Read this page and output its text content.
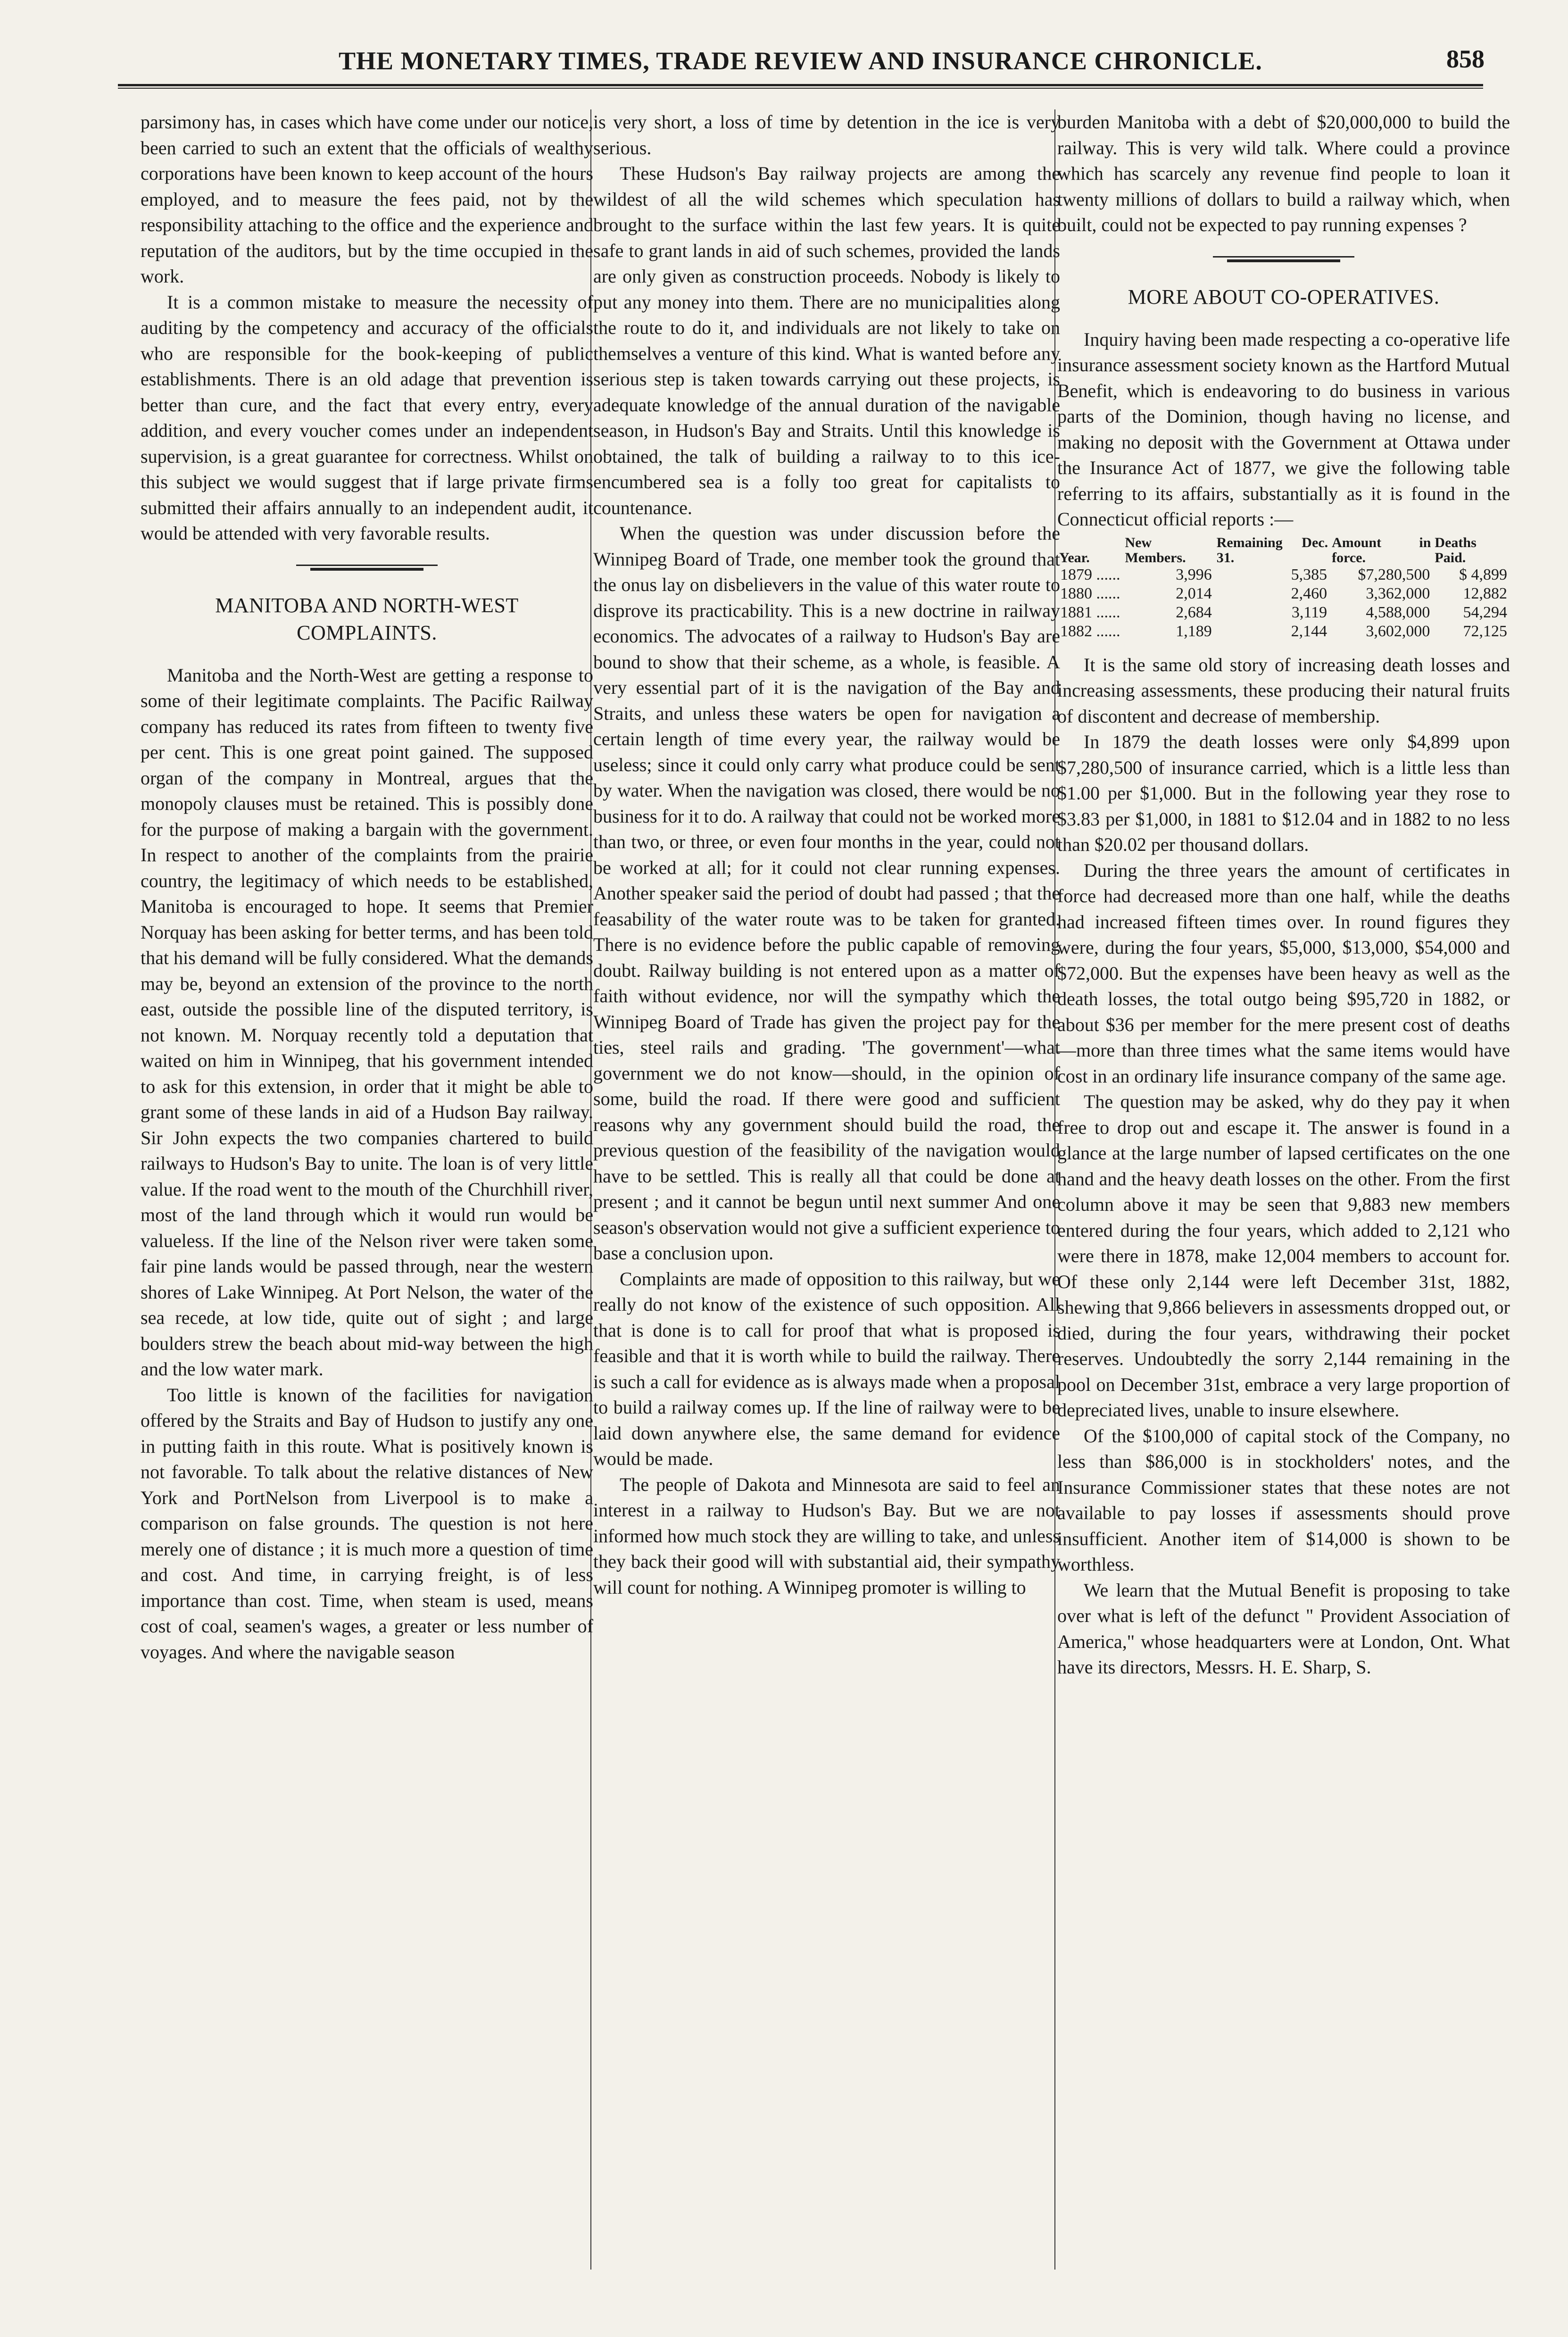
THE MONETARY TIMES, TRADE REVIEW AND INSURANCE CHRONICLE.	858

parsimony has, in cases which have come under our notice, been carried to such an extent that the officials of wealthy corporations have been known to keep account of the hours employed, and to measure the fees paid, not by the responsibility attaching to the office and the experience and reputation of the auditors, but by the time occupied in the work.

It is a common mistake to measure the necessity of auditing by the competency and accuracy of the officials who are responsible for the book-keeping of public establishments. There is an old adage that prevention is better than cure, and the fact that every entry, every addition, and every voucher comes under an independent supervision, is a great guarantee for correctness. Whilst on this subject we would suggest that if large private firms submitted their affairs annually to an independent audit, it would be attended with very favorable results.

MANITOBA AND NORTH-WEST
COMPLAINTS.

Manitoba and the North-West are getting a response to some of their legitimate complaints. The Pacific Railway company has reduced its rates from fifteen to twenty five per cent. This is one great point gained. The supposed organ of the company in Montreal, argues that the monopoly clauses must be retained. This is possibly done for the purpose of making a bargain with the government. In respect to another of the complaints from the prairie country, the legitimacy of which needs to be established, Manitoba is encouraged to hope. It seems that Premier Norquay has been asking for better terms, and has been told that his demand will be fully considered. What the demands may be, beyond an extension of the province to the north east, outside the possible line of the disputed territory, is not known. M. Norquay recently told a deputation that waited on him in Winnipeg, that his government intended to ask for this extension, in order that it might be able to grant some of these lands in aid of a Hudson Bay railway. Sir John expects the two companies chartered to build railways to Hudson's Bay to unite. The loan is of very little value. If the road went to the mouth of the Churchhill river, most of the land through which it would run would be valueless. If the line of the Nelson river were taken some fair pine lands would be passed through, near the western shores of Lake Winnipeg. At Port Nelson, the water of the sea recede, at low tide, quite out of sight ; and large boulders strew the beach about mid-way between the high and the low water mark.

Too little is known of the facilities for navigation offered by the Straits and Bay of Hudson to justify any one in putting faith in this route. What is positively known is not favorable. To talk about the relative distances of New York and PortNelson from Liverpool is to make a comparison on false grounds. The question is not here merely one of distance ; it is much more a question of time and cost. And time, in carrying freight, is of less importance than cost. Time, when steam is used, means cost of coal, seamen's wages, a greater or less number of voyages. And where the navigable season

is very short, a loss of time by detention in the ice is very serious.

These Hudson's Bay railway projects are among the wildest of all the wild schemes which speculation has brought to the surface within the last few years. It is quite safe to grant lands in aid of such schemes, provided the lands are only given as construction proceeds. Nobody is likely to put any money into them. There are no municipalities along the route to do it, and individuals are not likely to take on themselves a venture of this kind. What is wanted before any serious step is taken towards carrying out these projects, is adequate knowledge of the annual duration of the navigable season, in Hudson's Bay and Straits. Until this knowledge is obtained, the talk of building a railway to to this ice-encumbered sea is a folly too great for capitalists to countenance.

When the question was under discussion before the Winnipeg Board of Trade, one member took the ground that the onus lay on disbelievers in the value of this water route to disprove its practicability. This is a new doctrine in railway economics. The advocates of a railway to Hudson's Bay are bound to show that their scheme, as a whole, is feasible. A very essential part of it is the navigation of the Bay and Straits, and unless these waters be open for navigation a certain length of time every year, the railway would be useless; since it could only carry what produce could be sent by water. When the navigation was closed, there would be no business for it to do. A railway that could not be worked more than two, or three, or even four months in the year, could not be worked at all; for it could not clear running expenses. Another speaker said the period of doubt had passed ; that the feasability of the water route was to be taken for granted. There is no evidence before the public capable of removing doubt. Railway building is not entered upon as a matter of faith without evidence, nor will the sympathy which the Winnipeg Board of Trade has given the project pay for the ties, steel rails and grading. 'The government'—what government we do not know—should, in the opinion of some, build the road. If there were good and sufficient reasons why any government should build the road, the previous question of the feasibility of the navigation would have to be settled. This is really all that could be done at present ; and it cannot be begun until next summer And one season's observation would not give a sufficient experience to base a conclusion upon.

Complaints are made of opposition to this railway, but we really do not know of the existence of such opposition. All that is done is to call for proof that what is proposed is feasible and that it is worth while to build the railway. There is such a call for evidence as is always made when a proposal to build a railway comes up. If the line of railway were to be laid down anywhere else, the same demand for evidence would be made.

The people of Dakota and Minnesota are said to feel an interest in a railway to Hudson's Bay. But we are not informed how much stock they are willing to take, and unless they back their good will with substantial aid, their sympathy will count for nothing. A Winnipeg promoter is willing to

burden Manitoba with a debt of $20,000,000 to build the railway. This is very wild talk. Where could a province which has scarcely any revenue find people to loan it twenty millions of dollars to build a railway which, when built, could not be expected to pay running expenses ?

MORE ABOUT CO-OPERATIVES.

Inquiry having been made respecting a co-operative life insurance assessment society known as the Hartford Mutual Benefit, which is endeavoring to do business in various parts of the Dominion, though having no license, and making no deposit with the Government at Ottawa under the Insurance Act of 1877, we give the following table referring to its affairs, substantially as it is found in the Connecticut official reports :—

Year.	New Members.	Remaining Dec. 31.	Amount in force.	Deaths Paid.
1879 ......	3,996	5,385	$7,280,500	$ 4,899
1880 ......	2,014	2,460	3,362,000	12,882
1881 ......	2,684	3,119	4,588,000	54,294
1882 ......	1,189	2,144	3,602,000	72,125

It is the same old story of increasing death losses and increasing assessments, these producing their natural fruits of discontent and decrease of membership.

In 1879 the death losses were only $4,899 upon $7,280,500 of insurance carried, which is a little less than $1.00 per $1,000. But in the following year they rose to $3.83 per $1,000, in 1881 to $12.04 and in 1882 to no less than $20.02 per thousand dollars.

During the three years the amount of certificates in force had decreased more than one half, while the deaths had increased fifteen times over. In round figures they were, during the four years, $5,000, $13,000, $54,000 and $72,000. But the expenses have been heavy as well as the death losses, the total outgo being $95,720 in 1882, or about $36 per member for the mere present cost of deaths—more than three times what the same items would have cost in an ordinary life insurance company of the same age.

The question may be asked, why do they pay it when free to drop out and escape it. The answer is found in a glance at the large number of lapsed certificates on the one hand and the heavy death losses on the other. From the first column above it may be seen that 9,883 new members entered during the four years, which added to 2,121 who were there in 1878, make 12,004 members to account for. Of these only 2,144 were left December 31st, 1882, shewing that 9,866 believers in assessments dropped out, or died, during the four years, withdrawing their pocket reserves. Undoubtedly the sorry 2,144 remaining in the pool on December 31st, embrace a very large proportion of depreciated lives, unable to insure elsewhere.

Of the $100,000 of capital stock of the Company, no less than $86,000 is in stockholders' notes, and the Insurance Commissioner states that these notes are not available to pay losses if assessments should prove insufficient. Another item of $14,000 is shown to be worthless.

We learn that the Mutual Benefit is proposing to take over what is left of the defunct " Provident Association of America," whose headquarters were at London, Ont. What have its directors, Messrs. H. E. Sharp, S.
